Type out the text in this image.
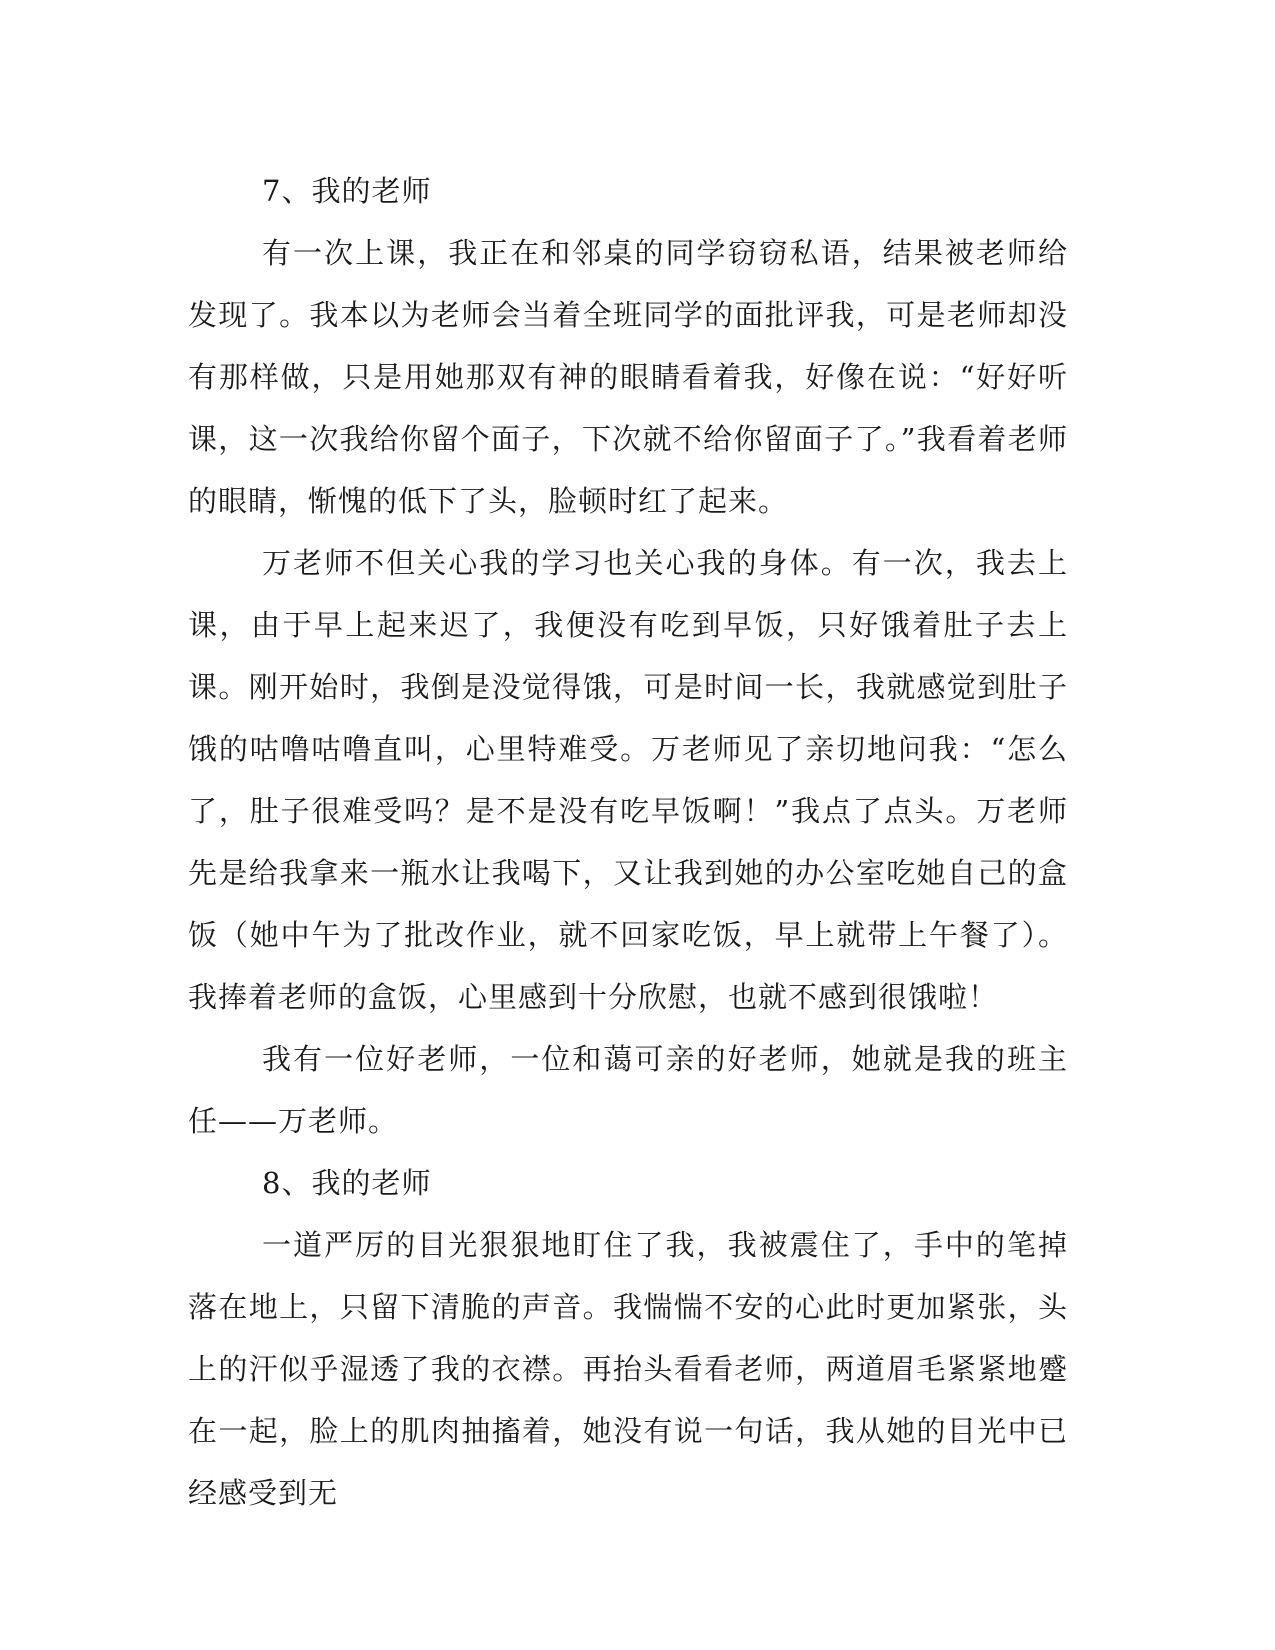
7、我的老师

有一次上课，我正在和邻桌的同学窃窃私语，结果被老师给发现了。我本以为老师会当着全班同学的面批评我，可是老师却没有那样做，只是用她那双有神的眼睛看着我，好像在说：“好好听课，这一次我给你留个面子，下次就不给你留面子了。”我看着老师的眼睛，惭愧的低下了头，脸顿时红了起来。

万老师不但关心我的学习也关心我的身体。有一次，我去上课，由于早上起来迟了，我便没有吃到早饭，只好饿着肚子去上课。刚开始时，我倒是没觉得饿，可是时间一长，我就感觉到肚子饿的咕噜咕噜直叫，心里特难受。万老师见了亲切地问我：“怎么了，肚子很难受吗？是不是没有吃早饭啊！”我点了点头。万老师先是给我拿来一瓶水让我喝下，又让我到她的办公室吃她自己的盒饭（她中午为了批改作业，就不回家吃饭，早上就带上午餐了）。我捧着老师的盒饭，心里感到十分欣慰，也就不感到很饿啦！

我有一位好老师，一位和蔼可亲的好老师，她就是我的班主任——万老师。

8、我的老师

一道严厉的目光狠狠地盯住了我，我被震住了，手中的笔掉落在地上，只留下清脆的声音。我惴惴不安的心此时更加紧张，头上的汗似乎湿透了我的衣襟。再抬头看看老师，两道眉毛紧紧地蹙在一起，脸上的肌肉抽搐着，她没有说一句话，我从她的目光中已经感受到无
